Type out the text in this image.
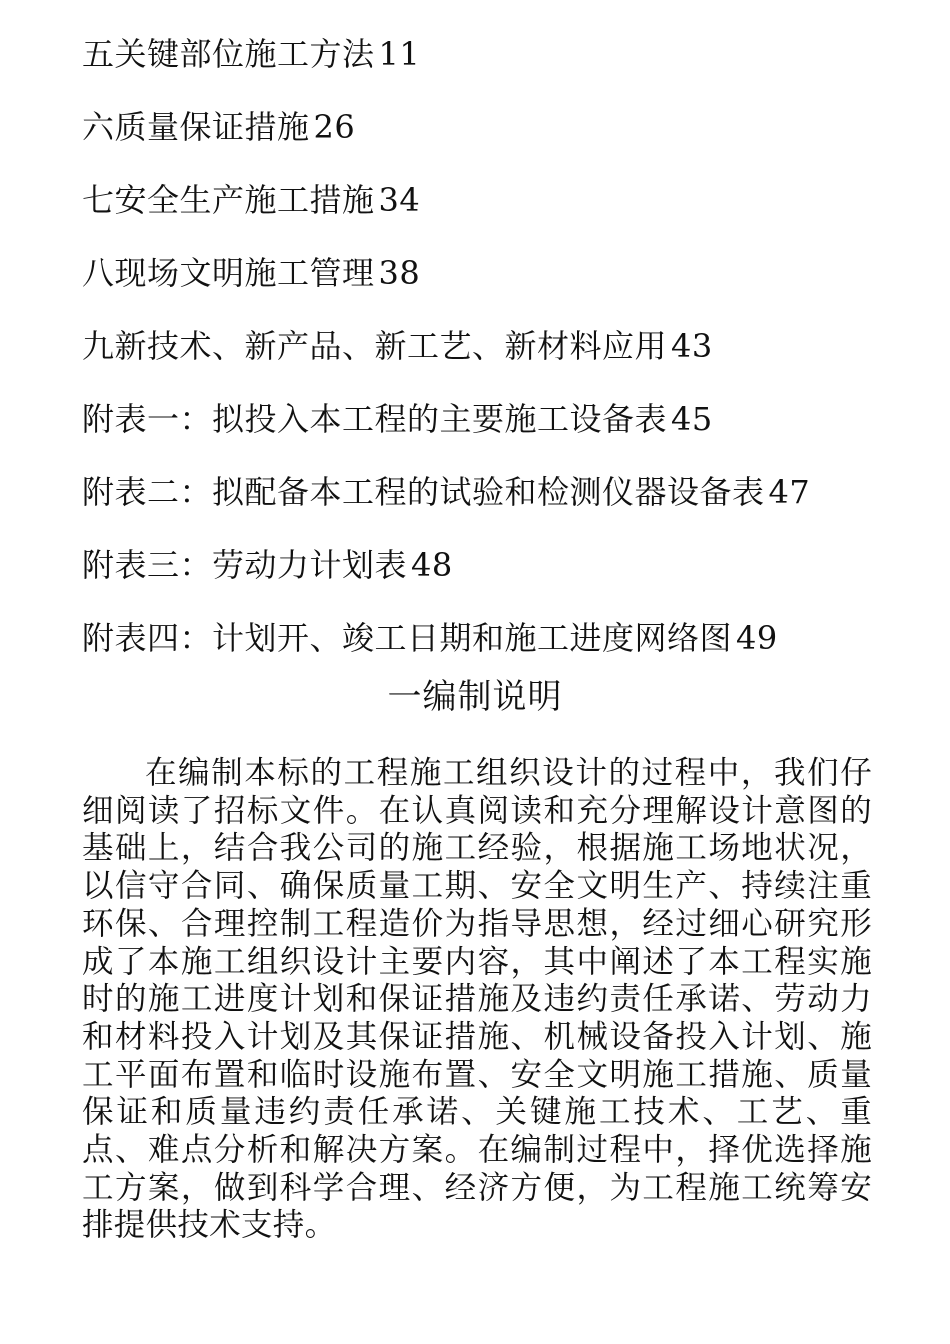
五关键部位施工方法 11
六质量保证措施 26
七安全生产施工措施 34
八现场文明施工管理 38
九新技术、新产品、新工艺、新材料应用 43
附表一：拟投入本工程的主要施工设备表 45
附表二：拟配备本工程的试验和检测仪器设备表 47
附表三：劳动力计划表 48
附表四：计划开、竣工日期和施工进度网络图 49
一编制说明

在编制本标的工程施工组织设计的过程中，我们仔细阅读了招标文件。在认真阅读和充分理解设计意图的基础上，结合我公司的施工经验，根据施工场地状况，以信守合同、确保质量工期、安全文明生产、持续注重环保、合理控制工程造价为指导思想，经过细心研究形成了本施工组织设计主要内容，其中阐述了本工程实施时的施工进度计划和保证措施及违约责任承诺、劳动力和材料投入计划及其保证措施、机械设备投入计划、施工平面布置和临时设施布置、安全文明施工措施、质量保证和质量违约责任承诺、关键施工技术、工艺、重点、难点分析和解决方案。在编制过程中，择优选择施工方案，做到科学合理、经济方便，为工程施工统筹安排提供技术支持。
